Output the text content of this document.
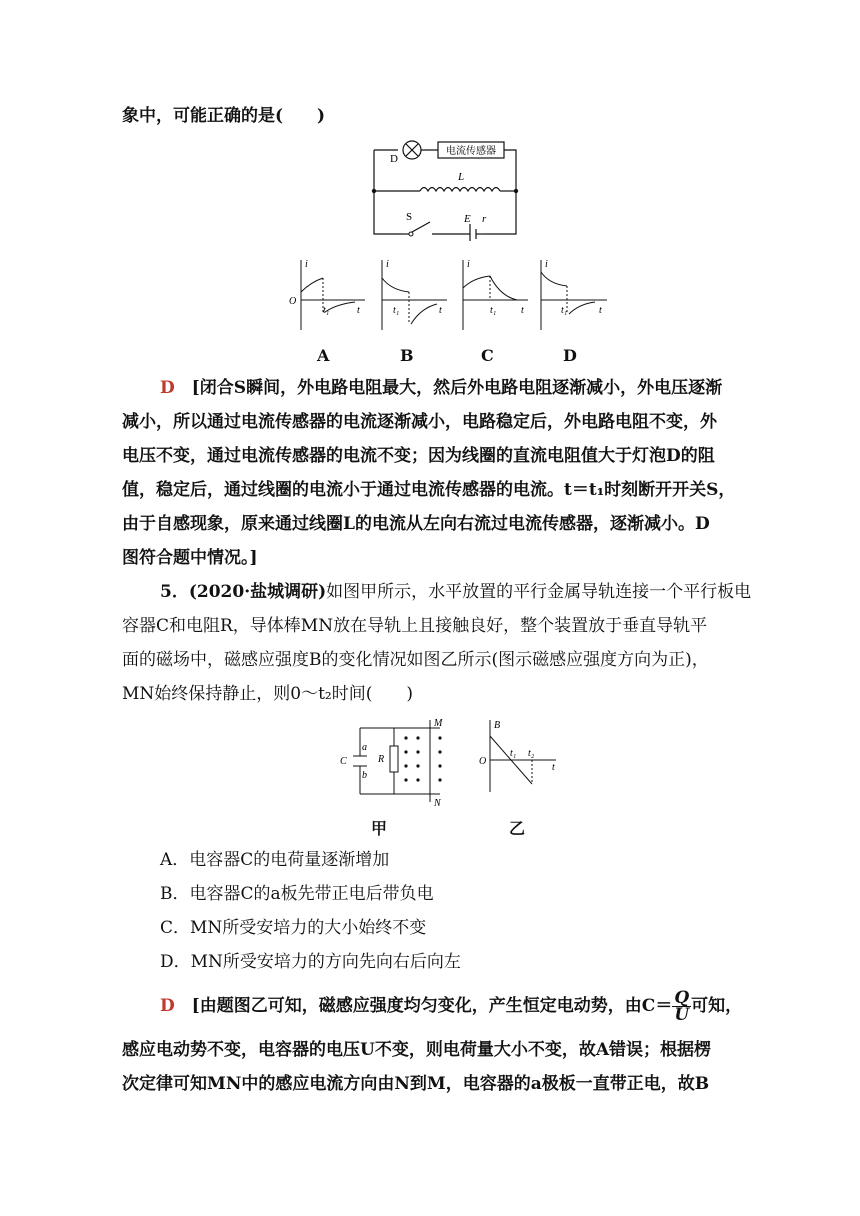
象中，可能正确的是(　　)
D
电流传感器
L
S	E r
i
O
t₁	t
i
t₁	t
i
t₁ t
i
t₁	t
A	B	C	D
D　 [闭合S瞬间，外电路电阻最大，然后外电路电阻逐渐减小，外电压逐渐
减小，所以通过电流传感器的电流逐渐减小，电路稳定后，外电路电阻不变，外
电压不变，通过电流传感器的电流不变；因为线圈的直流电阻值大于灯泡D的阻
值，稳定后，通过线圈的电流小于通过电流传感器的电流。t＝t₁时刻断开开关S，
由于自感现象，原来通过线圈L的电流从左向右流过电流传感器，逐渐减小。D
图符合题中情况。]
5．(2020·盐城调研)如图甲所示，水平放置的平行金属导轨连接一个平行板电
容器C和电阻R，导体棒MN放在导轨上且接触良好，整个装置放于垂直导轨平
面的磁场中，磁感应强度B的变化情况如图乙所示(图示磁感应强度方向为正)，
MN始终保持静止，则0～t₂时间(　　)
C
a
b
R
M
N
B
O
t₁ t₂
t
甲	乙
A．电容器C的电荷量逐渐增加
B．电容器C的a板先带正电后带负电
C．MN所受安培力的大小始终不变
D．MN所受安培力的方向先向右后向左
D　 [由题图乙可知，磁感应强度均匀变化，产生恒定电动势，由$C= \frac{Q}{U}$ 可知，
感应电动势不变，电容器的电压U不变，则电荷量大小不变，故A错误；根据楞
次定律可知MN中的感应电流方向由N到M，电容器的a极板一直带正电，故B
